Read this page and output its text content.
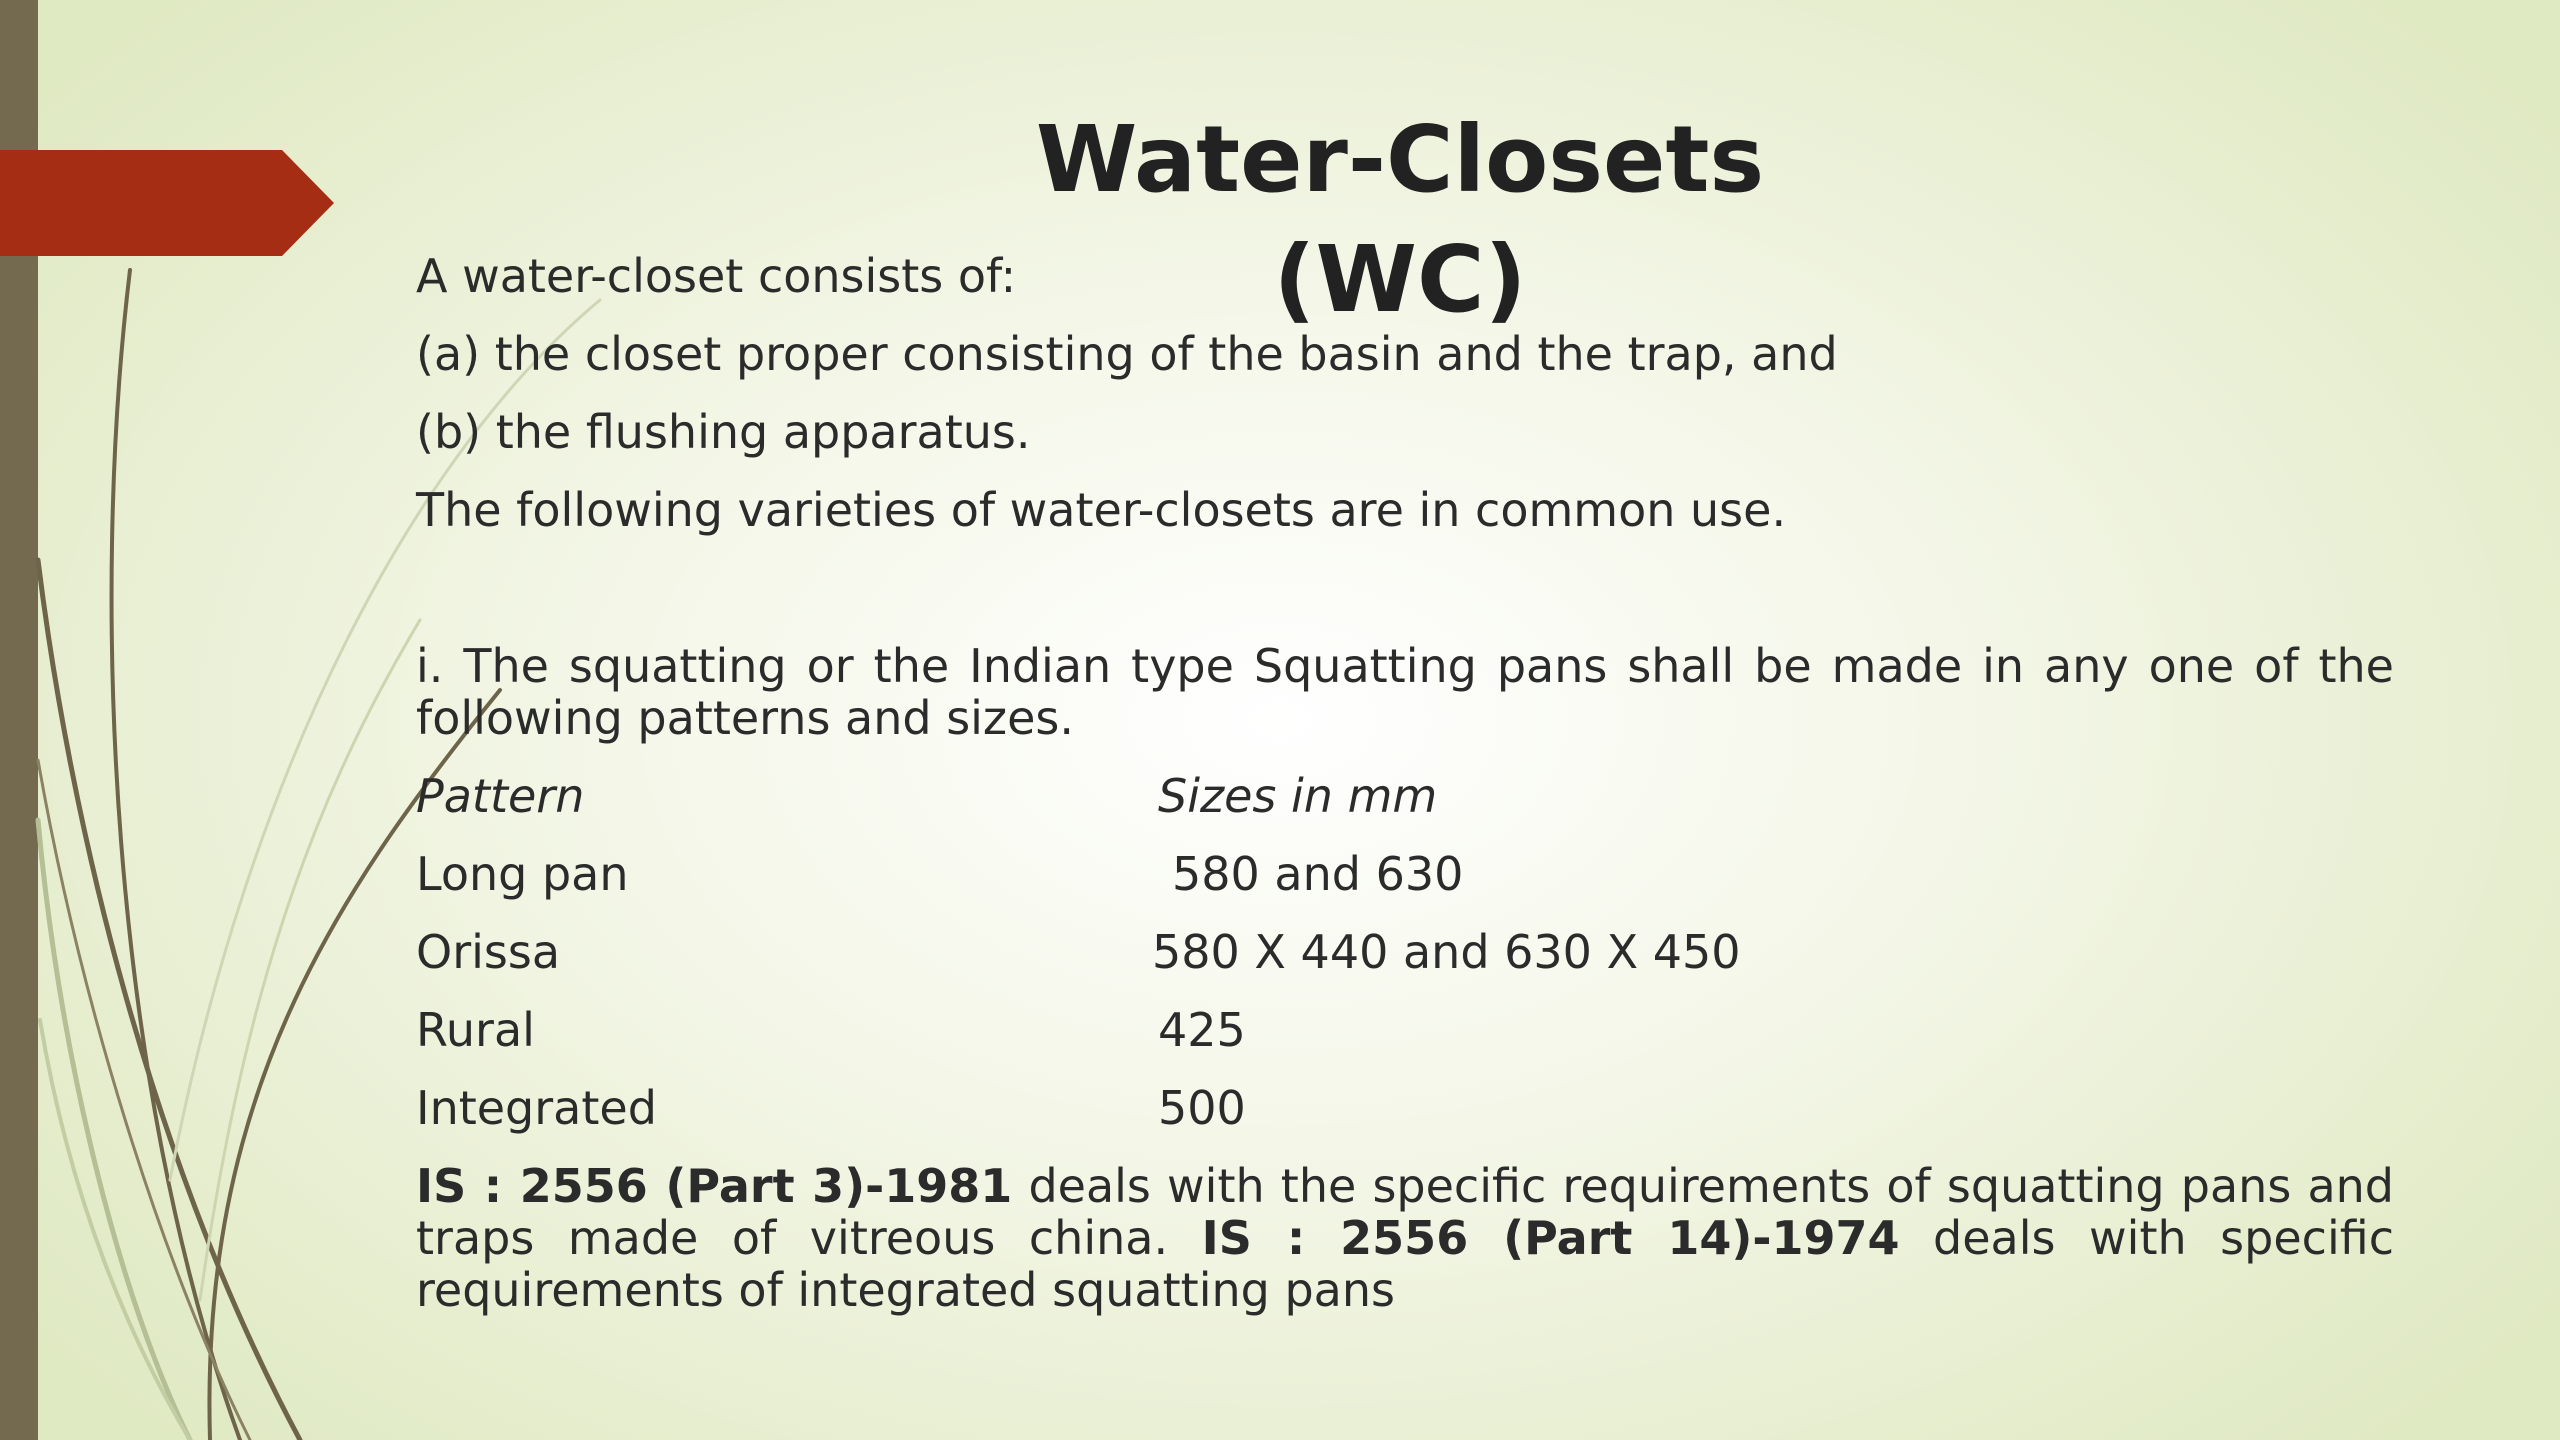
Water-Closets (WC)

A water-closet consists of:

(a) the closet proper consisting of the basin and the trap, and

(b) the flushing apparatus.

The following varieties of water-closets are in common use.

i. The squatting or the Indian type Squatting pans shall be made in any one of the following patterns and sizes.

Pattern	Sizes in mm
Long pan	580 and 630
Orissa	580 X 440 and 630 X 450
Rural	425
Integrated	500

IS : 2556 (Part 3)-1981 deals with the specific requirements of squatting pans and traps made of vitreous china. IS : 2556 (Part 14)-1974 deals with specific requirements of integrated squatting pans
